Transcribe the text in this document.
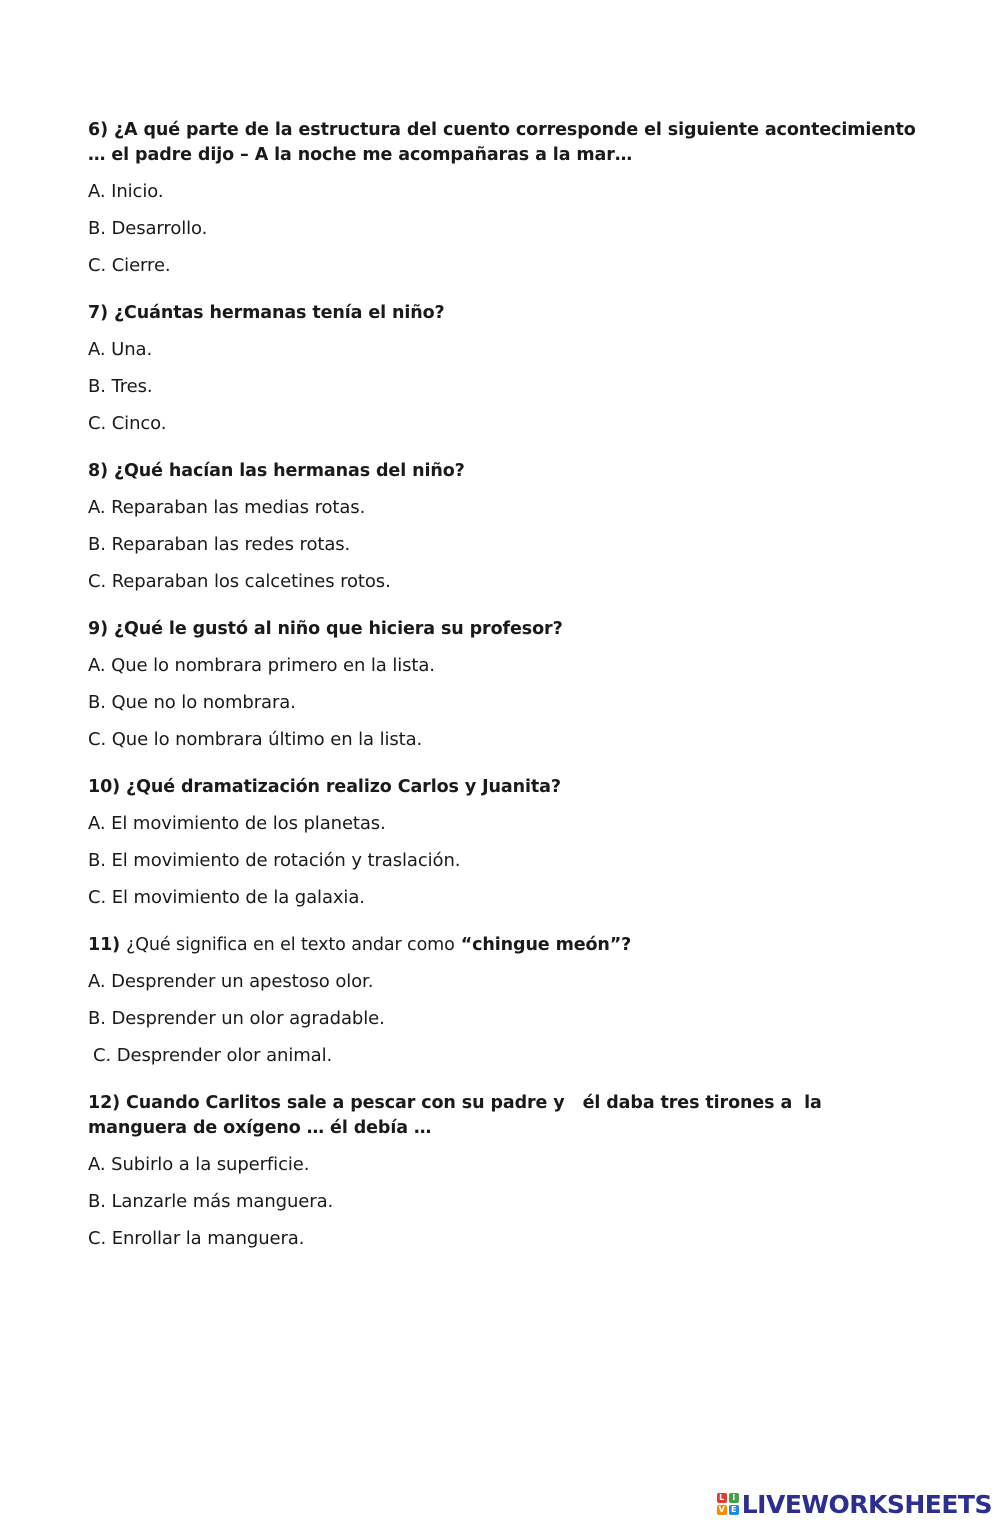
6) ¿A qué parte de la estructura del cuento corresponde el siguiente acontecimiento … el padre dijo – A la noche me acompañaras a la mar…
A. Inicio.
B. Desarrollo.
C. Cierre.
7) ¿Cuántas hermanas tenía el niño?
A. Una.
B. Tres.
C. Cinco.
8) ¿Qué hacían las hermanas del niño?
A. Reparaban las medias rotas.
B. Reparaban las redes rotas.
C. Reparaban los calcetines rotos.
9) ¿Qué le gustó al niño que hiciera su profesor?
A. Que lo nombrara primero en la lista.
B. Que no lo nombrara.
C. Que lo nombrara último en la lista.
10) ¿Qué dramatización realizo Carlos y Juanita?
A. El movimiento de los planetas.
B. El movimiento de rotación y traslación.
C. El movimiento de la galaxia.
11) ¿Qué significa en el texto andar como “chingue meón”?
A. Desprender un apestoso olor.
B. Desprender un olor agradable.
C. Desprender olor animal.
12) Cuando Carlitos sale a pescar con su padre y   él daba tres tirones a  la manguera de oxígeno … él debía …
A. Subirlo a la superficie.
B. Lanzarle más manguera.
C. Enrollar la manguera.
L I
V E LIVEWORKSHEETS
